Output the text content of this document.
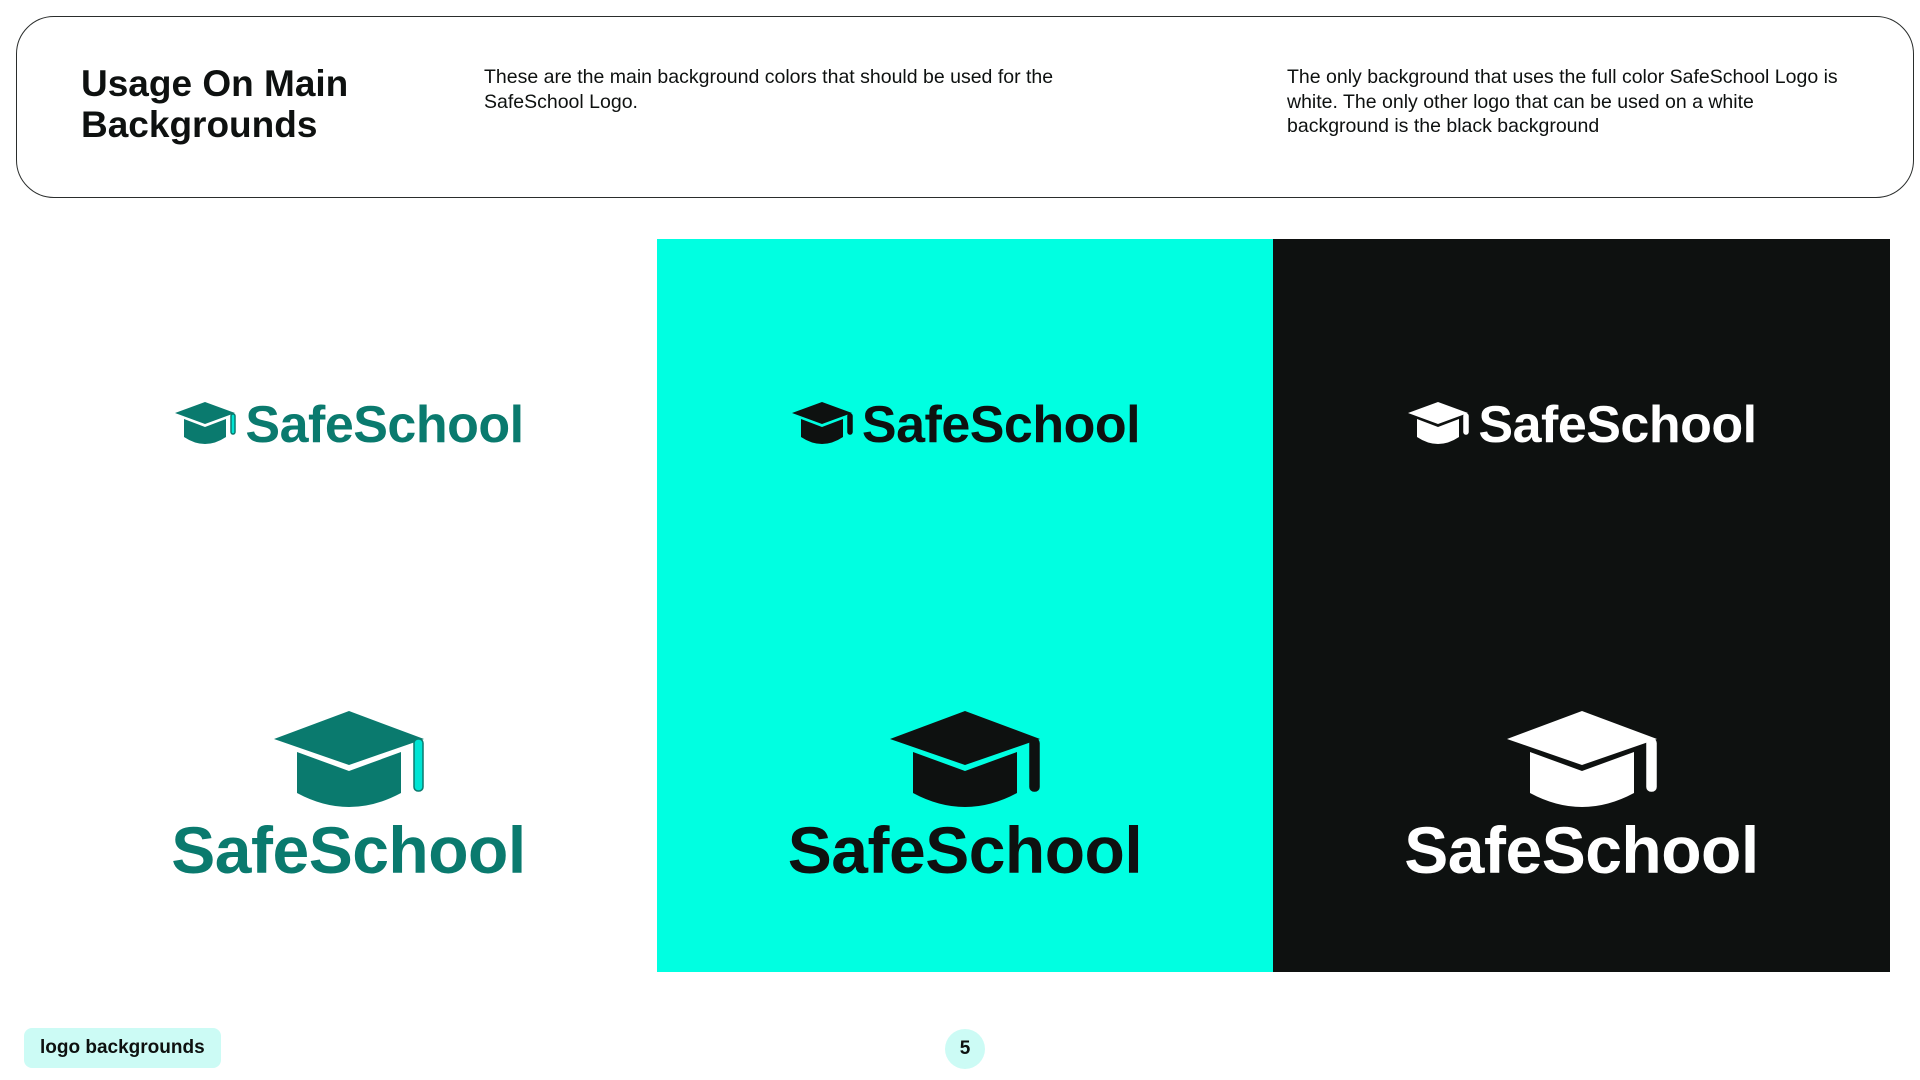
Usage On Main Backgrounds
These are the main background colors that should be used for the SafeSchool Logo.
The only background that uses the full color SafeSchool Logo is white. The only other logo that can be used on a white background is the black background
SafeSchool
SafeSchool
SafeSchool
SafeSchool
SafeSchool
SafeSchool
logo backgrounds	5
